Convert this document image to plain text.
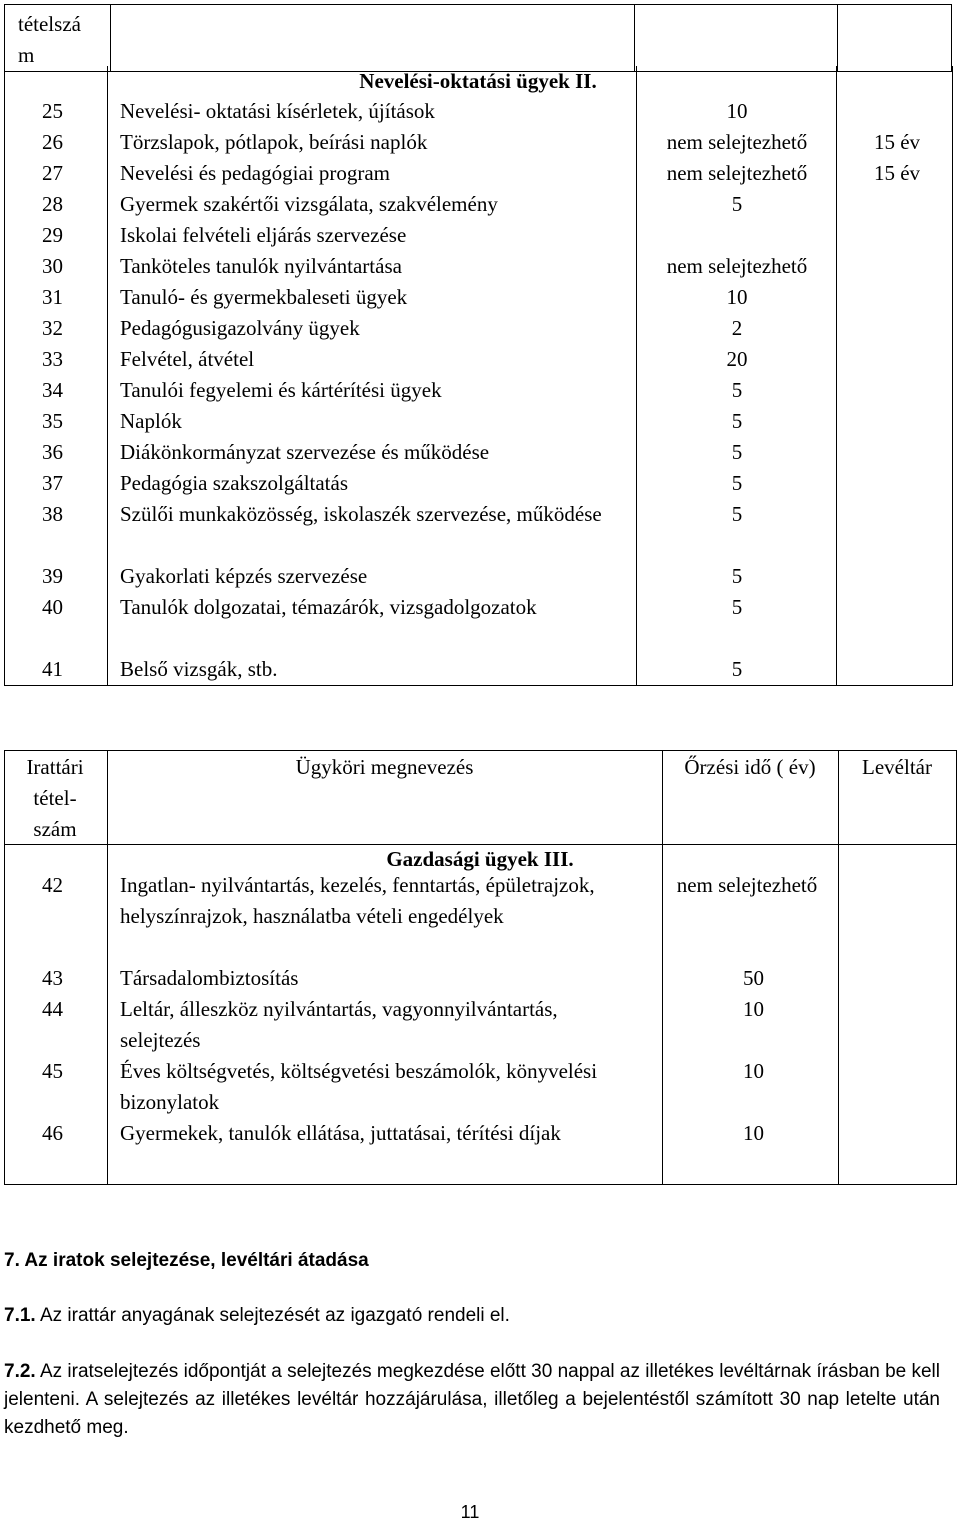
tételszá
m			
Nevelési-oktatási ügyek II.
25	Nevelési- oktatási kísérletek, újítások	10
26	Törzslapok, pótlapok, beírási naplók	nem selejtezhető	15 év
27	Nevelési és pedagógiai program	nem selejtezhető	15 év
28	Gyermek szakértői vizsgálata, szakvélemény	5
29	Iskolai felvételi eljárás szervezése
30	Tanköteles tanulók nyilvántartása	nem selejtezhető
31	Tanuló- és gyermekbaleseti ügyek	10
32	Pedagógusigazolvány ügyek	2
33	Felvétel, átvétel	20
34	Tanulói fegyelemi és kártérítési ügyek	5
35	Naplók	5
36	Diákönkormányzat szervezése és működése	5
37	Pedagógia szakszolgáltatás	5
38	Szülői munkaközösség, iskolaszék szervezése, működése	5
39	Gyakorlati képzés szervezése	5
40	Tanulók dolgozatai, témazárók, vizsgadolgozatok	5
41	Belső vizsgák, stb.	5
Irattári tétel-szám
Ügyköri megnevezés	Őrzési idő ( év)	Levéltár
Gazdasági ügyek III.
42	Ingatlan- nyilvántartás, kezelés, fenntartás, épületrajzok, helyszínrajzok, használatba vételi engedélyek
nem selejtezhető
43	Társadalombiztosítás	50
44	Leltár, álleszköz nyilvántartás, vagyonnyilvántartás, selejtezés
10
45	Éves költségvetés, költségvetési beszámolók, könyvelési bizonylatok
10
46	Gyermekek, tanulók ellátása, juttatásai, térítési díjak	10

7. Az iratok selejtezése, levéltári átadása

7.1. Az irattár anyagának selejtezését az igazgató rendeli el.

7.2. Az iratselejtezés időpontját a selejtezés megkezdése előtt 30 nappal az illetékes levéltárnak írásban be kell jelenteni. A selejtezés az illetékes levéltár hozzájárulása, illetőleg a bejelentéstől számított 30 nap letelte után kezdhető meg.

11
